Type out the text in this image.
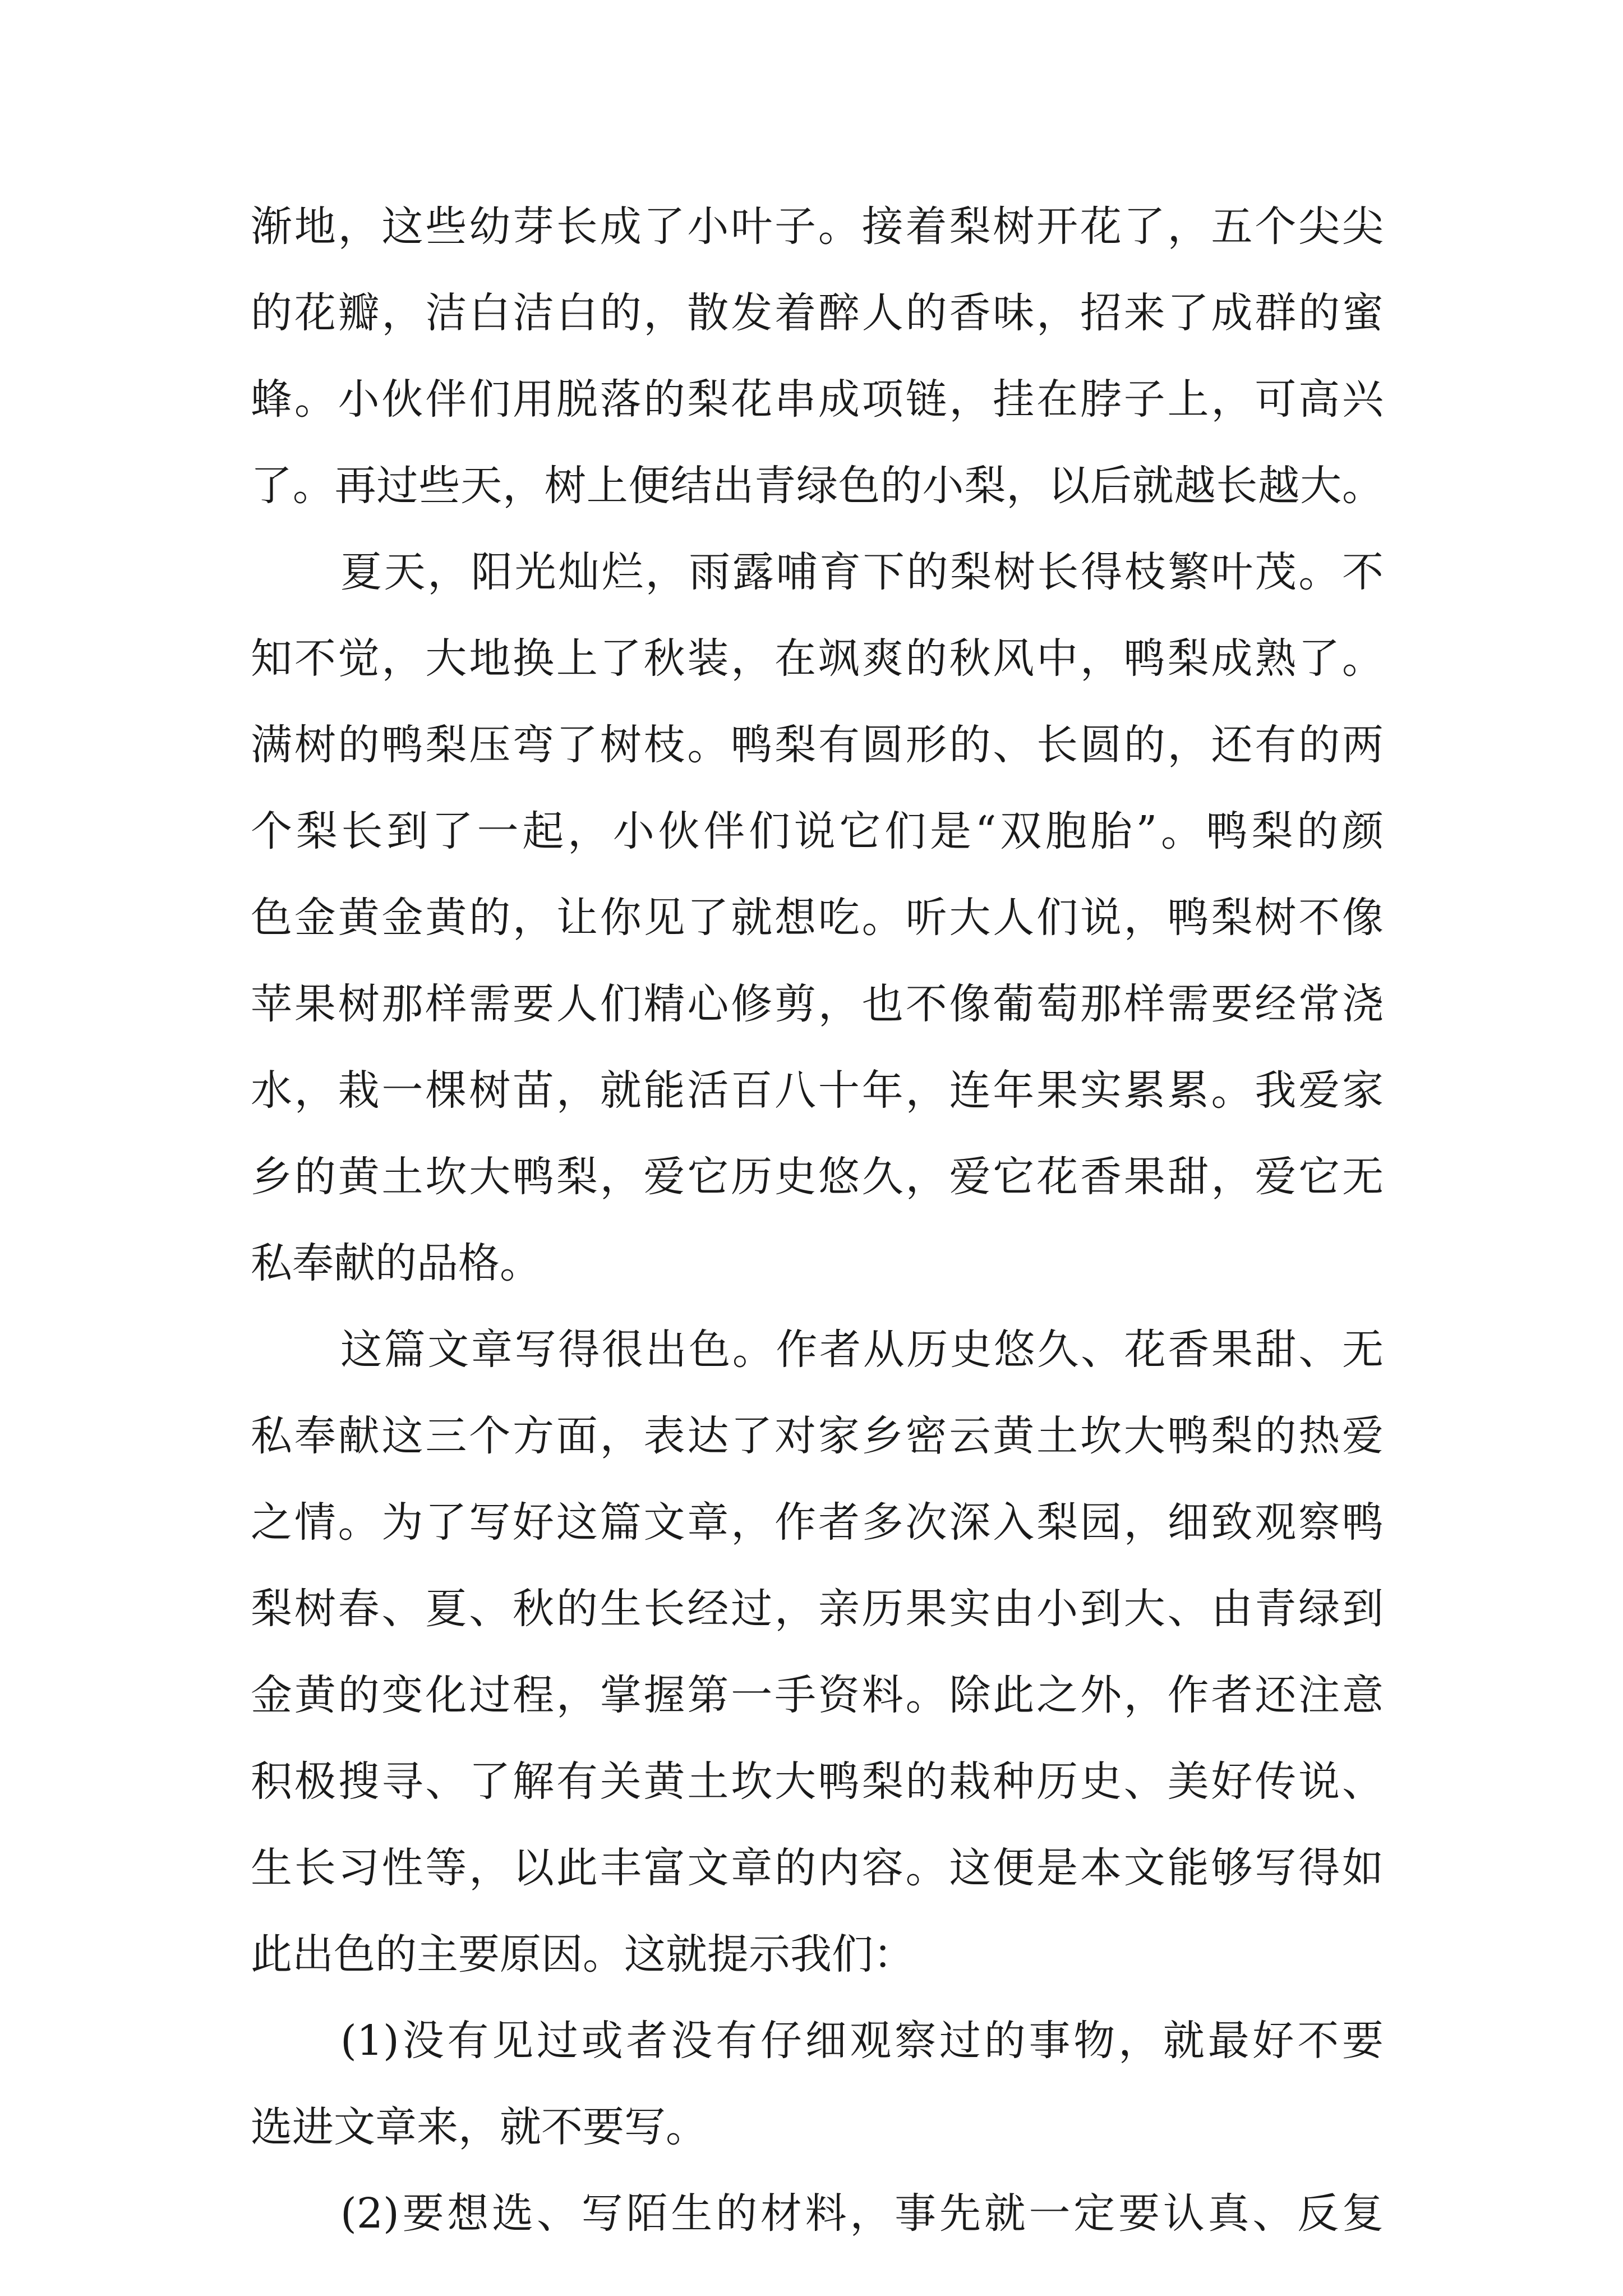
渐地，这些幼芽长成了小叶子。接着梨树开花了，五个尖尖
的花瓣，洁白洁白的，散发着醉人的香味，招来了成群的蜜
蜂。小伙伴们用脱落的梨花串成项链，挂在脖子上，可高兴
了。再过些天，树上便结出青绿色的小梨，以后就越长越大。
夏天，阳光灿烂，雨露哺育下的梨树长得枝繁叶茂。不
知不觉，大地换上了秋装，在飒爽的秋风中，鸭梨成熟了。
满树的鸭梨压弯了树枝。鸭梨有圆形的、长圆的，还有的两
个梨长到了一起，小伙伴们说它们是“双胞胎”。鸭梨的颜
色金黄金黄的，让你见了就想吃。听大人们说，鸭梨树不像
苹果树那样需要人们精心修剪，也不像葡萄那样需要经常浇
水，栽一棵树苗，就能活百八十年，连年果实累累。我爱家
乡的黄土坎大鸭梨，爱它历史悠久，爱它花香果甜，爱它无
私奉献的品格。
这篇文章写得很出色。作者从历史悠久、花香果甜、无
私奉献这三个方面，表达了对家乡密云黄土坎大鸭梨的热爱
之情。为了写好这篇文章，作者多次深入梨园，细致观察鸭
梨树春、夏、秋的生长经过，亲历果实由小到大、由青绿到
金黄的变化过程，掌握第一手资料。除此之外，作者还注意
积极搜寻、了解有关黄土坎大鸭梨的栽种历史、美好传说、
生长习性等，以此丰富文章的内容。这便是本文能够写得如
此出色的主要原因。这就提示我们：
(1)没有见过或者没有仔细观察过的事物，就最好不要
选进文章来，就不要写。
(2)要想选、写陌生的材料，事先就一定要认真、反复
